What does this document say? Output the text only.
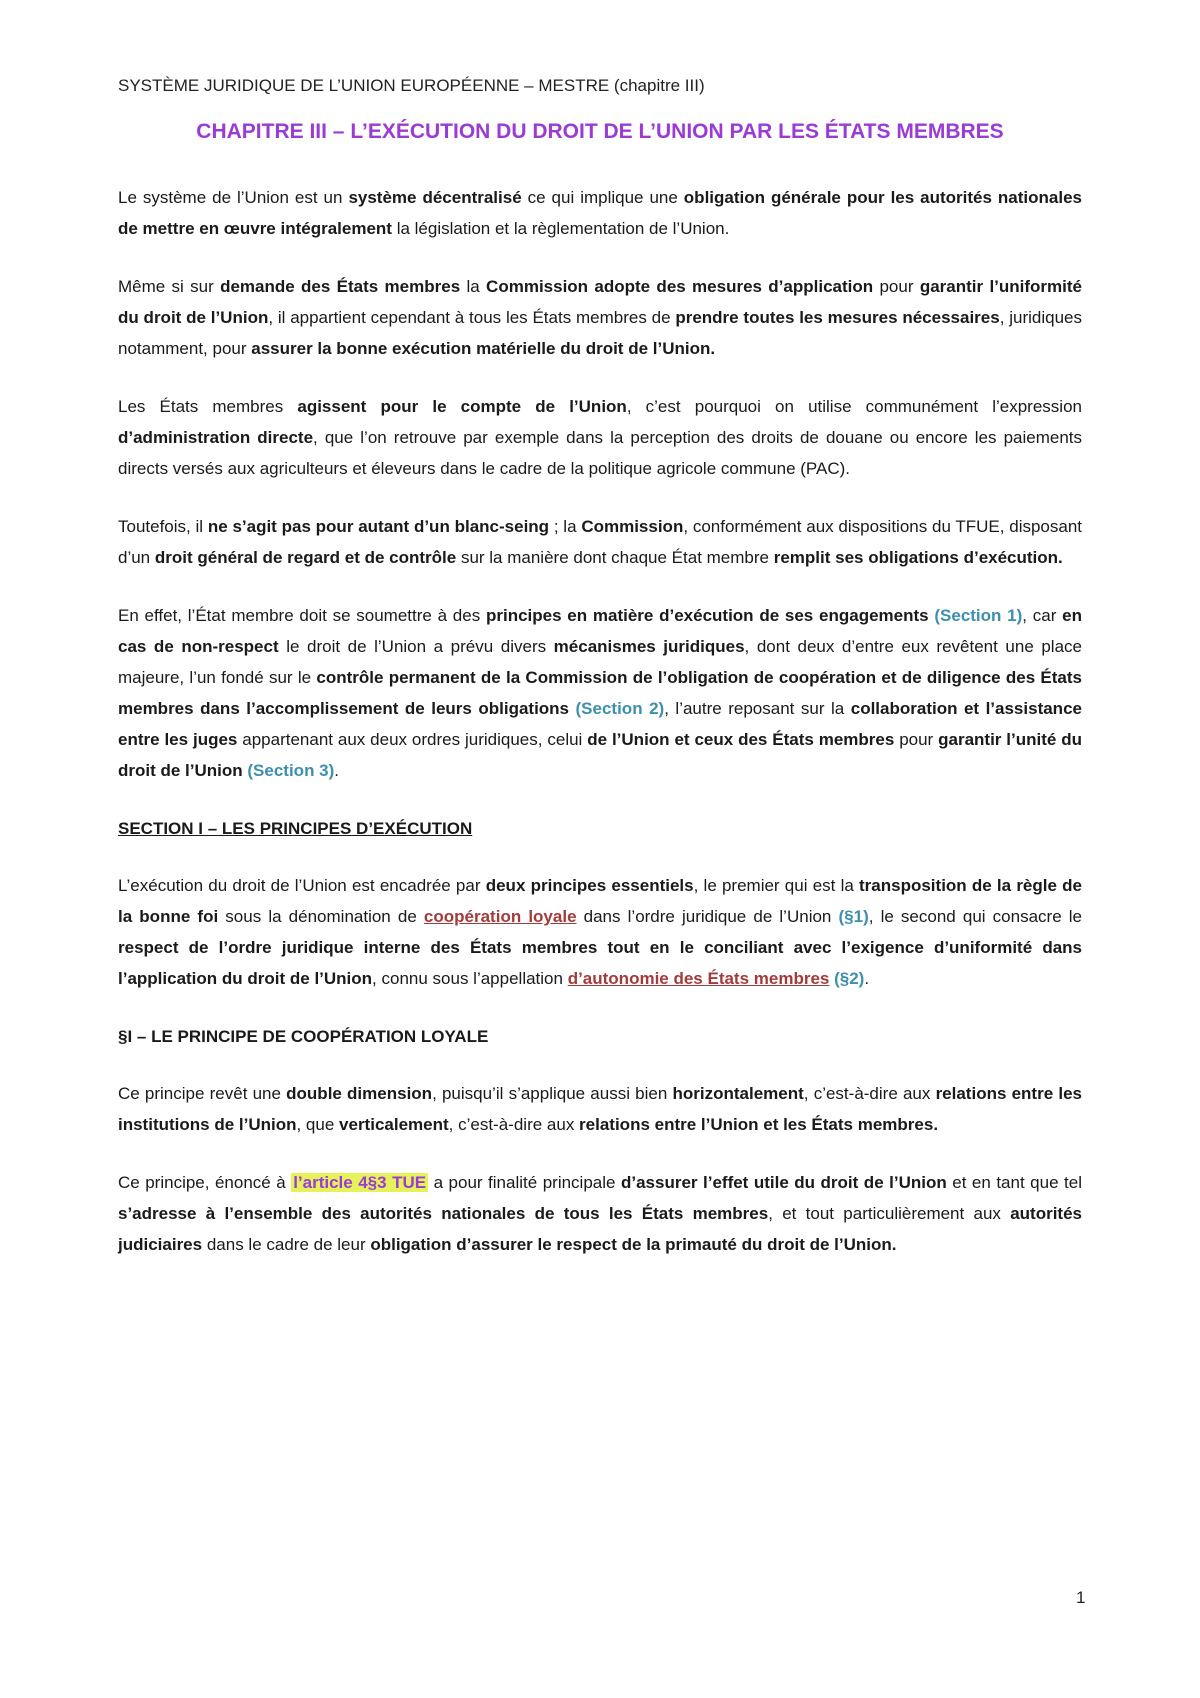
SYSTÈME JURIDIQUE DE L’UNION EUROPÉENNE – MESTRE (chapitre III)
CHAPITRE III – L’EXÉCUTION DU DROIT DE L’UNION PAR LES ÉTATS MEMBRES

Le système de l’Union est un système décentralisé ce qui implique une obligation générale pour les autorités nationales de mettre en œuvre intégralement la législation et la règlementation de l’Union.

Même si sur demande des États membres la Commission adopte des mesures d’application pour garantir l’uniformité du droit de l’Union, il appartient cependant à tous les États membres de prendre toutes les mesures nécessaires, juridiques notamment, pour assurer la bonne exécution matérielle du droit de l’Union.

Les États membres agissent pour le compte de l’Union, c’est pourquoi on utilise communément l’expression d’administration directe, que l’on retrouve par exemple dans la perception des droits de douane ou encore les paiements directs versés aux agriculteurs et éleveurs dans le cadre de la politique agricole commune (PAC).

Toutefois, il ne s’agit pas pour autant d’un blanc-seing ; la Commission, conformément aux dispositions du TFUE, disposant d’un droit général de regard et de contrôle sur la manière dont chaque État membre remplit ses obligations d’exécution.

En effet, l’État membre doit se soumettre à des principes en matière d’exécution de ses engagements (Section 1), car en cas de non-respect le droit de l’Union a prévu divers mécanismes juridiques, dont deux d’entre eux revêtent une place majeure, l’un fondé sur le contrôle permanent de la Commission de l’obligation de coopération et de diligence des États membres dans l’accomplissement de leurs obligations (Section 2), l’autre reposant sur la collaboration et l’assistance entre les juges appartenant aux deux ordres juridiques, celui de l’Union et ceux des États membres pour garantir l’unité du droit de l’Union (Section 3).

SECTION I – LES PRINCIPES D’EXÉCUTION

L’exécution du droit de l’Union est encadrée par deux principes essentiels, le premier qui est la transposition de la règle de la bonne foi sous la dénomination de coopération loyale dans l’ordre juridique de l’Union (§1), le second qui consacre le respect de l’ordre juridique interne des États membres tout en le conciliant avec l’exigence d’uniformité dans l’application du droit de l’Union, connu sous l’appellation d’autonomie des États membres (§2).

§I – LE PRINCIPE DE COOPÉRATION LOYALE

Ce principe revêt une double dimension, puisqu’il s’applique aussi bien horizontalement, c’est-à-dire aux relations entre les institutions de l’Union, que verticalement, c’est-à-dire aux relations entre l’Union et les États membres.

Ce principe, énoncé à l’article 4§3 TUE a pour finalité principale d’assurer l’effet utile du droit de l’Union et en tant que tel s’adresse à l’ensemble des autorités nationales de tous les États membres, et tout particulièrement aux autorités judiciaires dans le cadre de leur obligation d’assurer le respect de la primauté du droit de l’Union.

1
